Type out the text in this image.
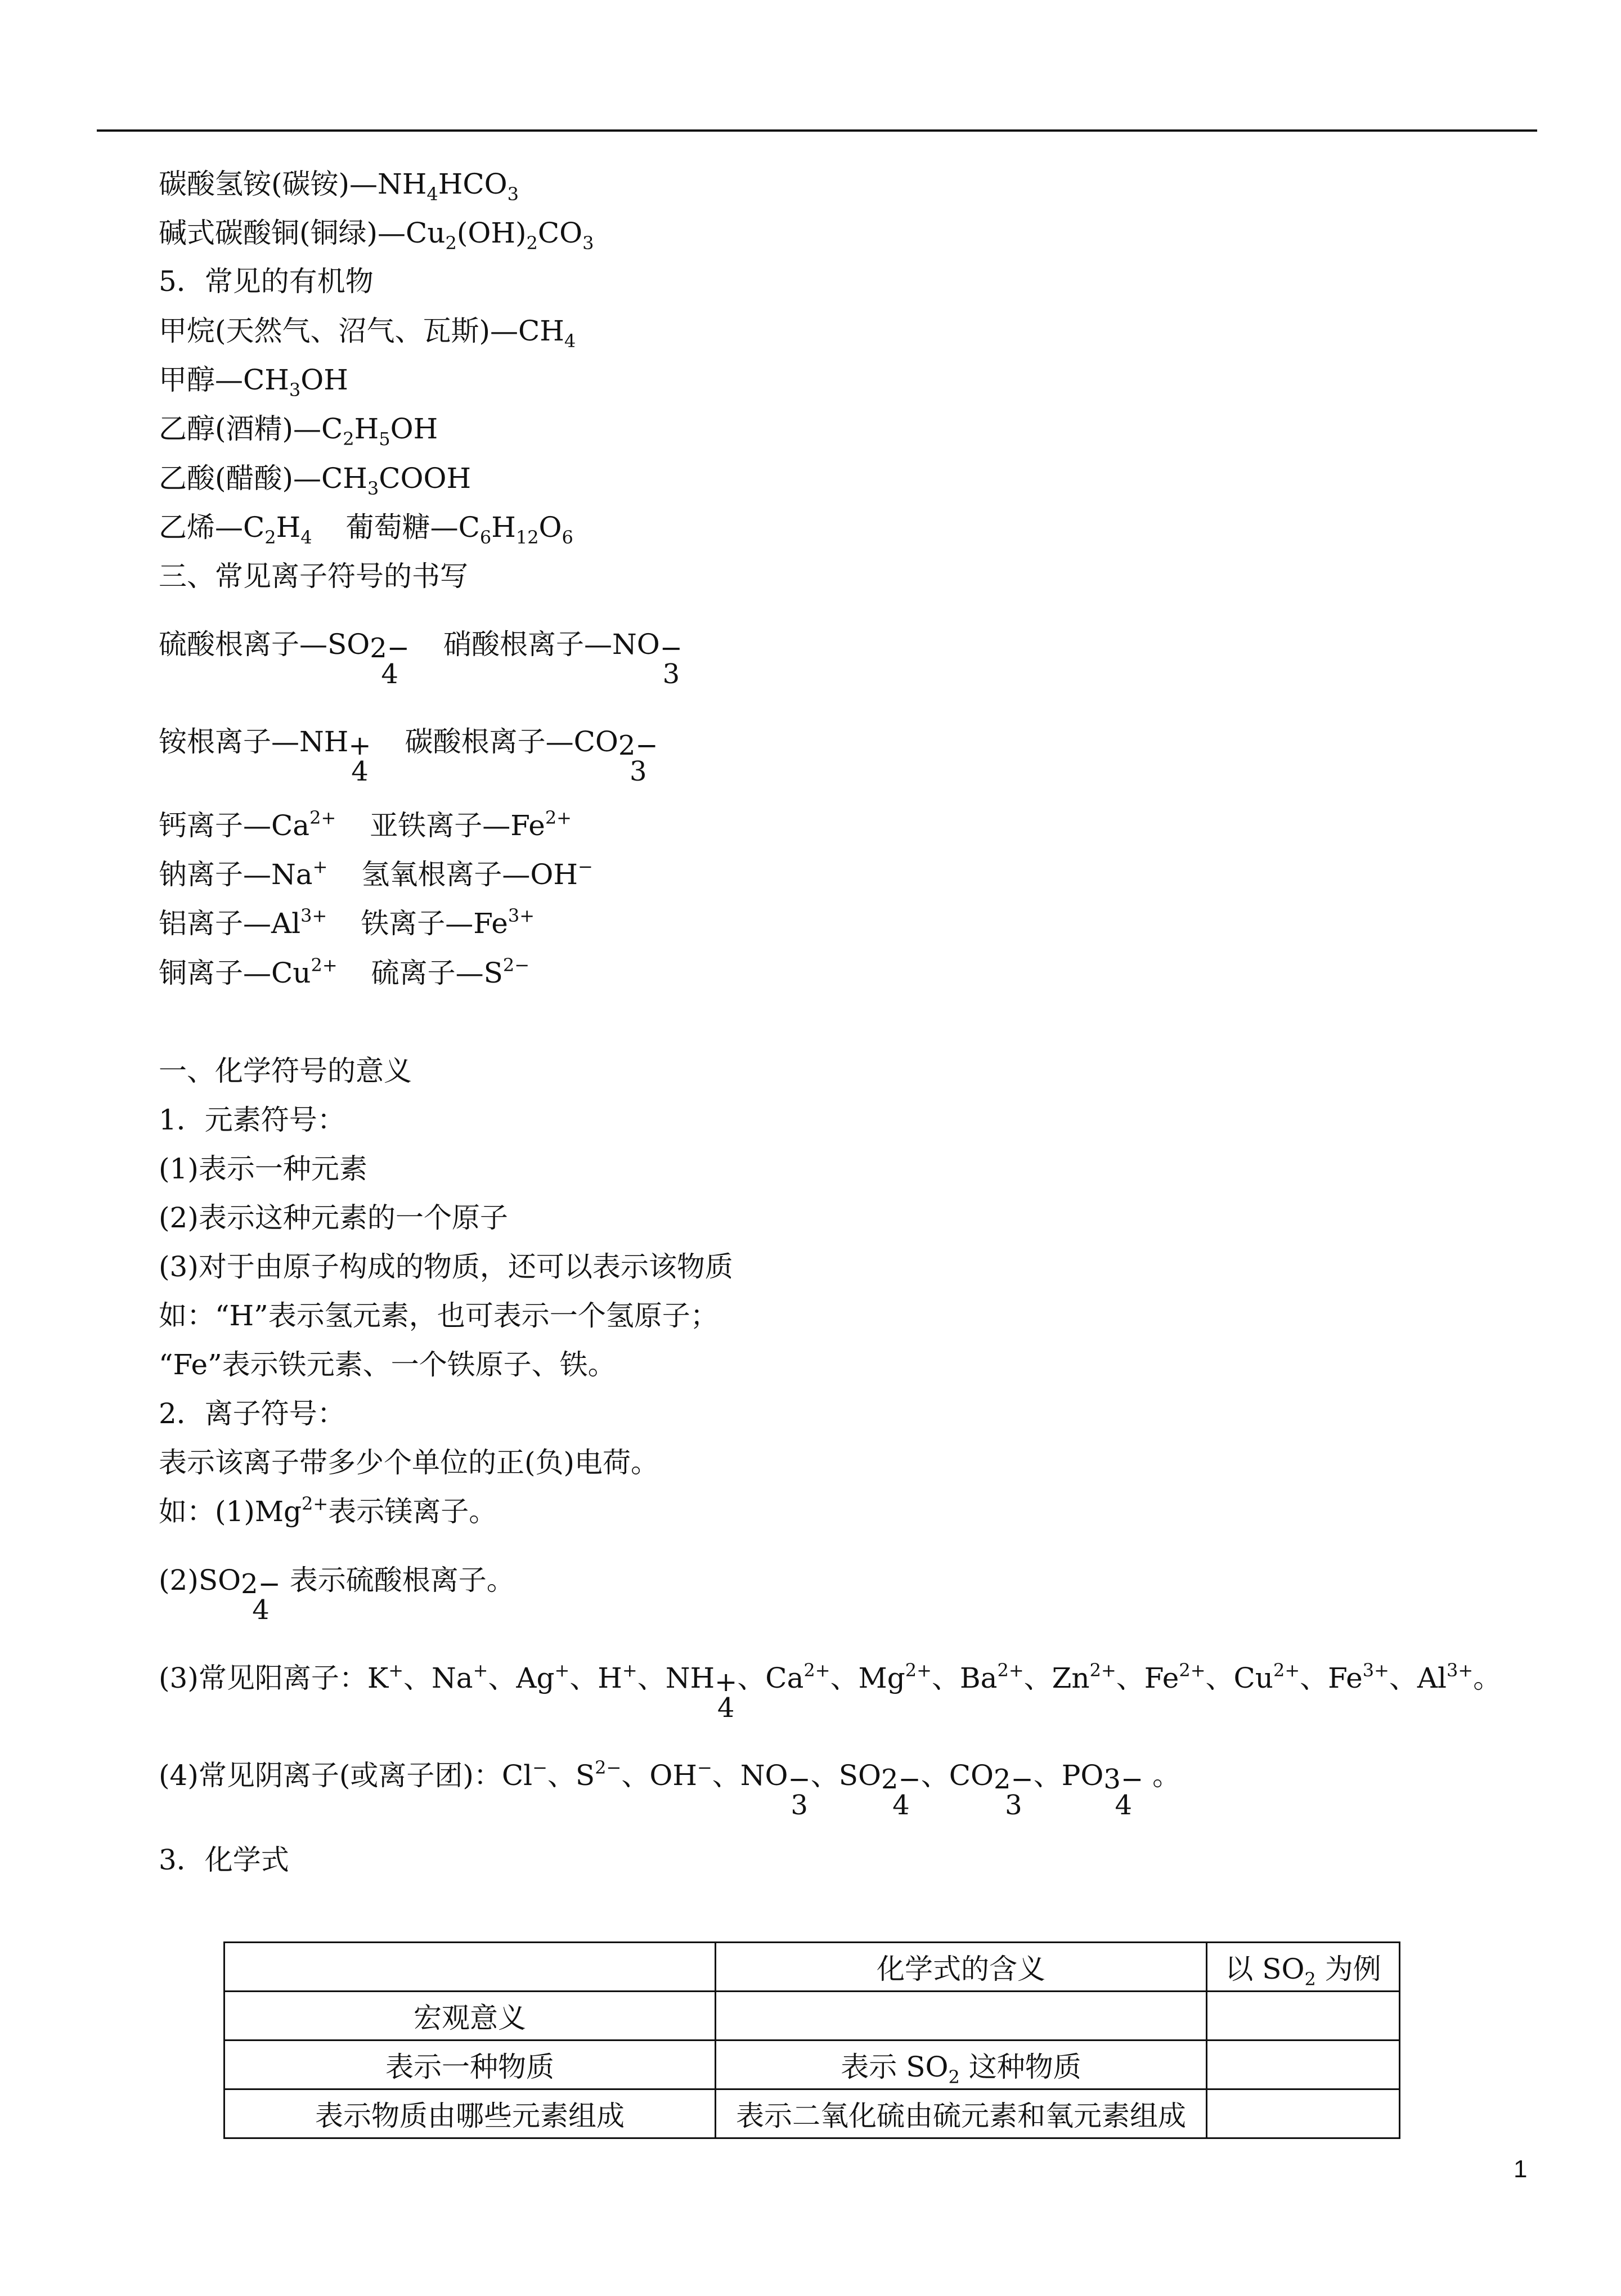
碳酸氢铵(碳铵)$—NH_4HCO_3$
碱式碳酸铜(铜绿)$—Cu_2(OH)_2CO_3$
5．常见的有机物
甲烷(天然气、沼气、瓦斯)$—CH_4$
甲醇$—CH_3OH$
乙醇(酒精)$—C_2H_5OH$
乙酸(醋酸)$—CH_3COOH$
乙烯$—C_2H_4$ 葡萄糖$—C_6H_{12}O_6$
三、常见离子符号的书写
硫酸根离子—SO 2−
4
硝酸根离子—NO −
3
铵根离子—NH +
4
碳酸根离子—CO 2−
3
钙离子$—Ca^{2+}$ 亚铁离子$—Fe^{2+}$
钠离子—Na+ 氢氧根离子—OH−
铝离子$—Al^{3+}$ 铁离子$—Fe^{3+}$
铜离子$—Cu^{2+}$ 硫离子$—S^{2-}$
一、化学符号的意义
1．元素符号：
(1)表示一种元素
(2)表示这种元素的一个原子
(3)对于由原子构成的物质，还可以表示该物质
如：“H”表示氢元素，也可表示一个氢原子；
“Fe”表示铁元素、一个铁原子、铁。
2．离子符号：
表示该离子带多少个单位的正(负)电荷。
如：$(1)Mg^{2+}$表示镁离子。
(2)SO 2−
4
表示硫酸根离子。
(3)常见阳离子：K+、Na+、Ag+、H+、NH +
4
、$Ca^{2+}$、$Mg^{2+}$、$Ba^{2+}$、$Zn^{2+}$、$Fe^{2+}$、$Cu^{2+}$、$Fe^{3+}$、$Al^{3+}$。
(4)常见阴离子(或离子团)：Cl−、$S^{2-}$、OH−、NO −
3
、SO 2−
4
、CO 2−
3
、PO 3−
4
。
3．化学式
	化学式的含义	以 $SO_2$ 为例
宏观意义		
表示一种物质	表示 $SO_2$ 这种物质	
表示物质由哪些元素组成	表示二氧化硫由硫元素和氧元素组成	
1
